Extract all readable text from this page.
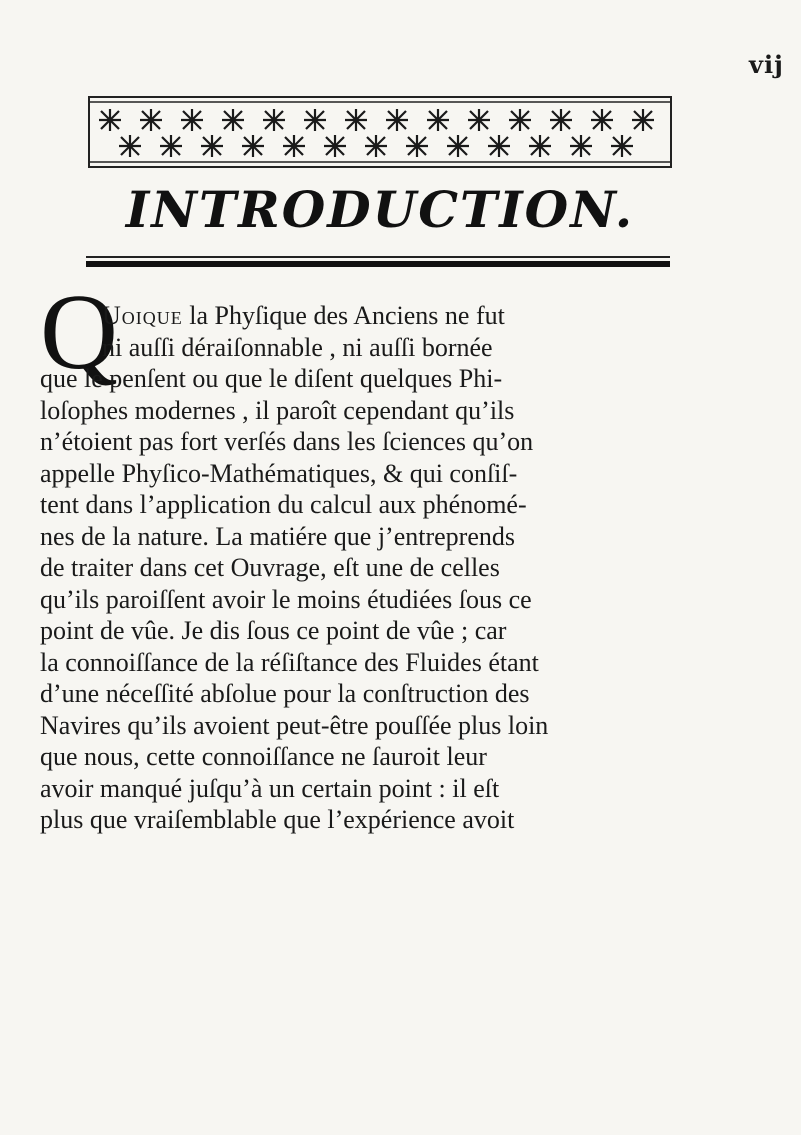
vij
INTRODUCTION.
Q
Uoique la Phyſique des Anciens ne fut
ni auſſi déraiſonnable , ni auſſi bornée
que le penſent ou que le diſent quelques Phi-
loſophes modernes , il paroît cependant qu’ils
n’étoient pas fort verſés dans les ſciences qu’on
appelle Phyſico-Mathématiques, & qui conſiſ-
tent dans l’application du calcul aux phénomé-
nes de la nature. La matiére que j’entreprends
de traiter dans cet Ouvrage, eſt une de celles
qu’ils paroiſſent avoir le moins étudiées ſous ce
point de vûe. Je dis ſous ce point de vûe ; car
la connoiſſance de la réſiſtance des Fluides étant
d’une néceſſité abſolue pour la conſtruction des
Navires qu’ils avoient peut-être pouſſée plus loin
que nous, cette connoiſſance ne ſauroit leur
avoir manqué juſqu’à un certain point : il eſt
plus que vraiſemblable que l’expérience avoit
